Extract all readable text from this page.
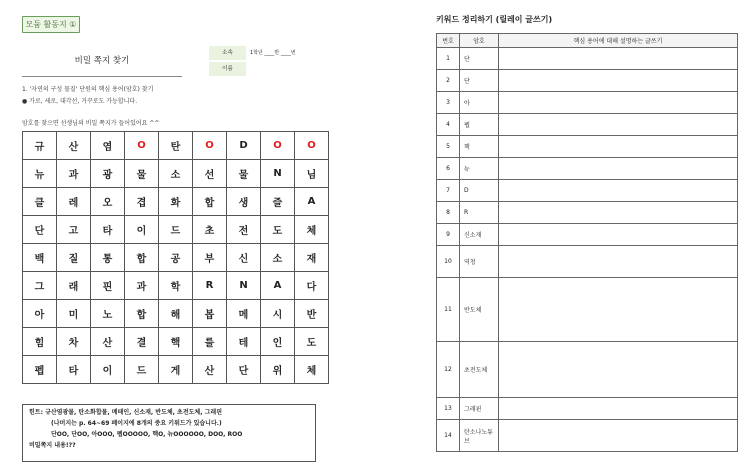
모둠 활동지 ①
비밀 쪽지 찾기
소속	1학년 ____반 ____번
이름
1. '자연의 구성 물질' 단원의 핵심 용어(암호) 찾기
● 가로, 세로, 대각선, 거꾸로도 가능합니다.
암호를 찾으면 선생님의 비밀 쪽지가 들어있어요 ^^
규	산	염	O	탄	O	D	O	O
뉴	과	광	물	소	선	물	N	님
클	레	오	겹	화	합	생	즐	A
단	고	타	이	드	초	전	도	체
백	질	통	합	공	부	신	소	재
그	래	핀	과	학	R	N	A	다
아	미	노	합	해	봅	메	시	반
힘	차	산	결	핵	를	테	인	도
펩	타	이	드	게	산	단	위	체
힌트: 규산염광물, 탄소화합물, 메테인, 신소재, 반도체, 초전도체, 그래핀
(나머지는 p. 64~69 페이지에 8개의 중요 키워드가 있습니다.)
단OO, 단OO, 아OOO, 펩OOOOO, 핵O, 뉴OOOOOO, DOO, ROO
비밀쪽지 내용!??
키워드 정리하기 (릴레이 글쓰기)
번호	암호	핵심 용어에 대해 설명하는 글쓰기
1	단	
2	단	
3	아	
4	펩	
5	핵	
6	뉴	
7	D	
8	R	
9	신소재	
10	역청	
11	반도체	
12	초전도체	
13	그래핀	
14	탄소나노튜브	
